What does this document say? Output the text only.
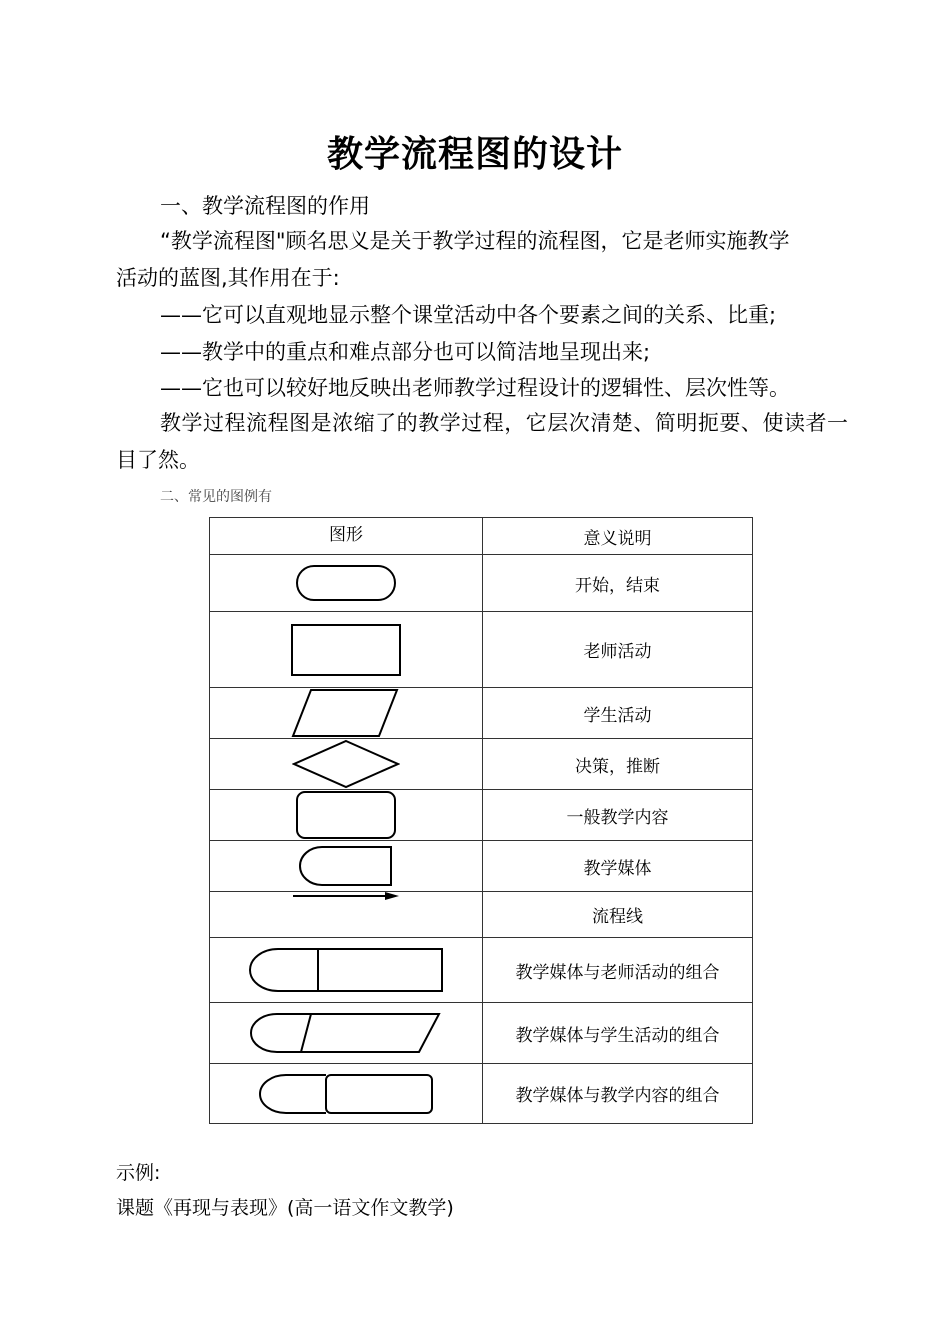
教学流程图的设计
一、教学流程图的作用
“教学流程图"顾名思义是关于教学过程的流程图，它是老师实施教学
活动的蓝图,其作用在于:
——它可以直观地显示整个课堂活动中各个要素之间的关系、比重;
——教学中的重点和难点部分也可以简洁地呈现出来;
——它也可以较好地反映出老师教学过程设计的逻辑性、层次性等。
教学过程流程图是浓缩了的教学过程，它层次清楚、简明扼要、使读者一目了然。
二、常见的图例有
图形	意义说明

	开始，结束

	老师活动

	学生活动

	决策，推断

	一般教学内容

	教学媒体

	流程线

	教学媒体与老师活动的组合

	教学媒体与学生活动的组合

	教学媒体与教学内容的组合
示例:
课题《再现与表现》(高一语文作文教学)
